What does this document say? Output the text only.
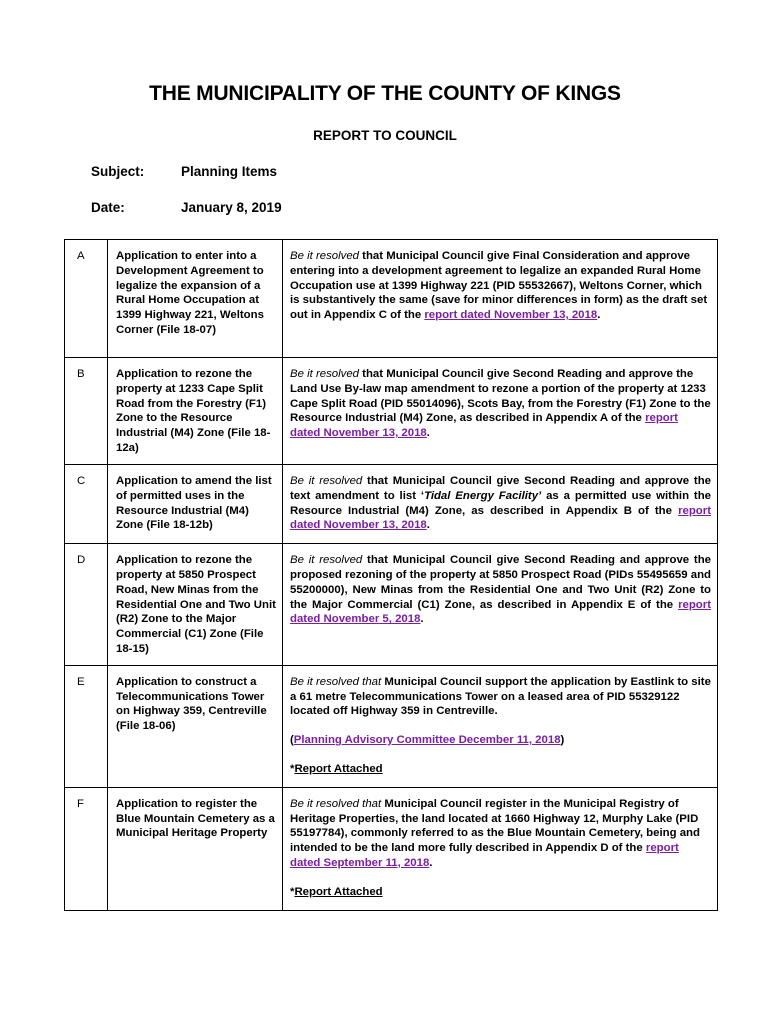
THE MUNICIPALITY OF THE COUNTY OF KINGS
REPORT TO COUNCIL
Subject:	Planning Items
Date:	January 8, 2019
A	Application to enter into a Development Agreement to legalize the expansion of a Rural Home Occupation at 1399 Highway 221, Weltons Corner (File 18-07)	Be it resolved that Municipal Council give Final Consideration and approve entering into a development agreement to legalize an expanded Rural Home Occupation use at 1399 Highway 221 (PID 55532667), Weltons Corner, which is substantively the same (save for minor differences in form) as the draft set out in Appendix C of the report dated November 13, 2018.

B	Application to rezone the property at 1233 Cape Split Road from the Forestry (F1) Zone to the Resource Industrial (M4) Zone (File 18-12a)	Be it resolved that Municipal Council give Second Reading and approve the Land Use By-law map amendment to rezone a portion of the property at 1233 Cape Split Road (PID 55014096), Scots Bay, from the Forestry (F1) Zone to the Resource Industrial (M4) Zone, as described in Appendix A of the report dated November 13, 2018.

C	Application to amend the list of permitted uses in the Resource Industrial (M4) Zone (File 18-12b)	Be it resolved that Municipal Council give Second Reading and approve the text amendment to list ‘Tidal Energy Facility’ as a permitted use within the Resource Industrial (M4) Zone, as described in Appendix B of the report dated November 13, 2018.

D	Application to rezone the property at 5850 Prospect Road, New Minas from the Residential One and Two Unit (R2) Zone to the Major Commercial (C1) Zone (File 18-15)	Be it resolved that Municipal Council give Second Reading and approve the proposed rezoning of the property at 5850 Prospect Road (PIDs 55495659 and 55200000), New Minas from the Residential One and Two Unit (R2) Zone to the Major Commercial (C1) Zone, as described in Appendix E of the report dated November 5, 2018.

E	Application to construct a Telecommunications Tower on Highway 359, Centreville (File 18-06)	Be it resolved that Municipal Council support the application by Eastlink to site a 61 metre Telecommunications Tower on a leased area of PID 55329122 located off Highway 359 in Centreville.

(Planning Advisory Committee December 11, 2018)

*Report Attached

F	Application to register the Blue Mountain Cemetery as a Municipal Heritage Property	Be it resolved that Municipal Council register in the Municipal Registry of Heritage Properties, the land located at 1660 Highway 12, Murphy Lake (PID 55197784), commonly referred to as the Blue Mountain Cemetery, being and intended to be the land more fully described in Appendix D of the report dated September 11, 2018.

*Report Attached
